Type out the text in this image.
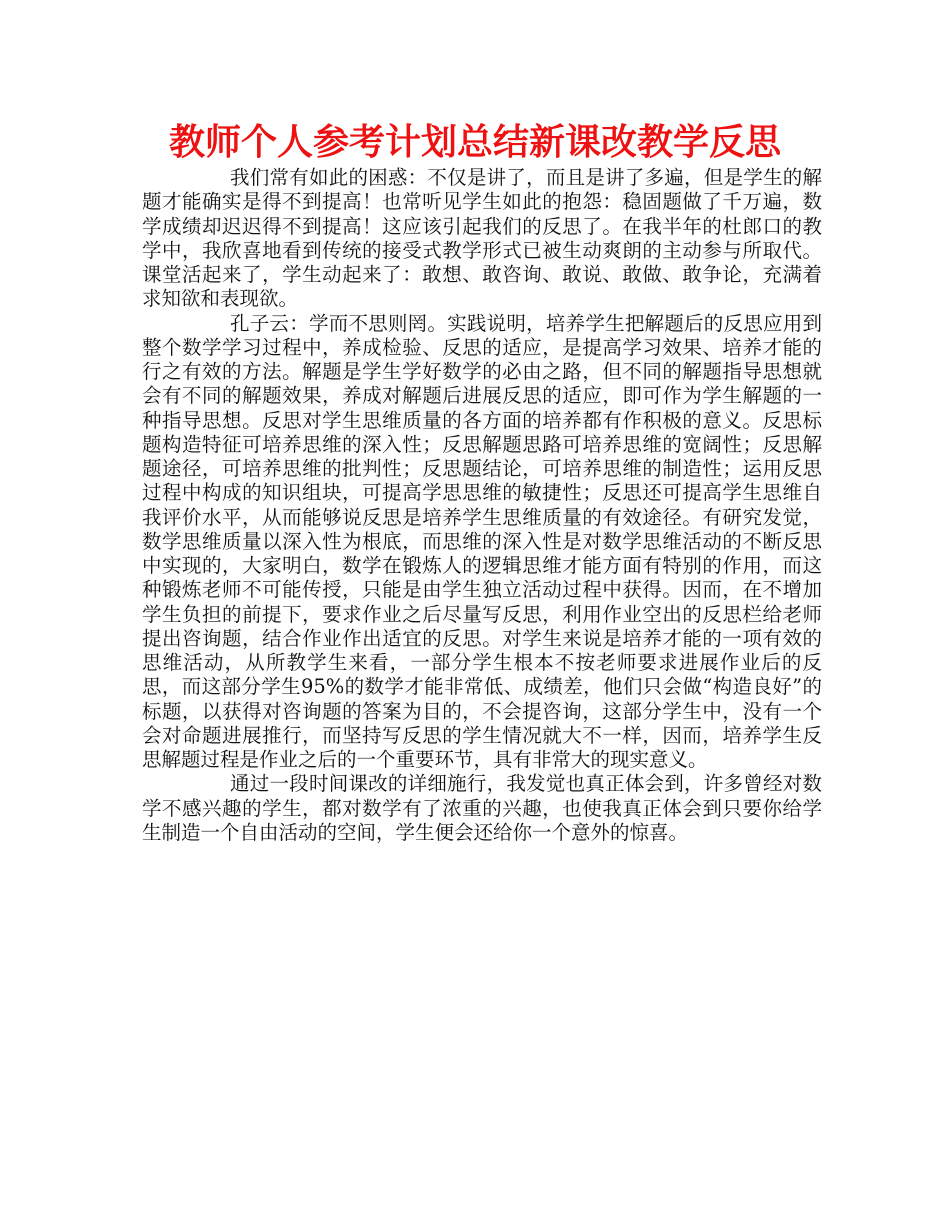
教师个人参考计划总结新课改教学反思

我们常有如此的困惑：不仅是讲了，而且是讲了多遍，但是学生的解题才能确实是得不到提高！也常听见学生如此的抱怨：稳固题做了千万遍，数学成绩却迟迟得不到提高！这应该引起我们的反思了。在我半年的杜郎口的教学中，我欣喜地看到传统的接受式教学形式已被生动爽朗的主动参与所取代。课堂活起来了，学生动起来了：敢想、敢咨询、敢说、敢做、敢争论，充满着求知欲和表现欲。

孔子云：学而不思则罔。实践说明，培养学生把解题后的反思应用到整个数学学习过程中，养成检验、反思的适应，是提高学习效果、培养才能的行之有效的方法。解题是学生学好数学的必由之路，但不同的解题指导思想就会有不同的解题效果，养成对解题后进展反思的适应，即可作为学生解题的一种指导思想。反思对学生思维质量的各方面的培养都有作积极的意义。反思标题构造特征可培养思维的深入性；反思解题思路可培养思维的宽阔性；反思解题途径，可培养思维的批判性；反思题结论，可培养思维的制造性；运用反思过程中构成的知识组块，可提高学思思维的敏捷性；反思还可提高学生思维自我评价水平，从而能够说反思是培养学生思维质量的有效途径。有研究发觉，数学思维质量以深入性为根底，而思维的深入性是对数学思维活动的不断反思中实现的，大家明白，数学在锻炼人的逻辑思维才能方面有特别的作用，而这种锻炼老师不可能传授，只能是由学生独立活动过程中获得。因而，在不增加学生负担的前提下，要求作业之后尽量写反思，利用作业空出的反思栏给老师提出咨询题，结合作业作出适宜的反思。对学生来说是培养才能的一项有效的思维活动，从所教学生来看，一部分学生根本不按老师要求进展作业后的反思，而这部分学生95%的数学才能非常低、成绩差，他们只会做“构造良好”的标题，以获得对咨询题的答案为目的，不会提咨询，这部分学生中，没有一个会对命题进展推行，而坚持写反思的学生情况就大不一样，因而，培养学生反思解题过程是作业之后的一个重要环节，具有非常大的现实意义。

通过一段时间课改的详细施行，我发觉也真正体会到，许多曾经对数学不感兴趣的学生，都对数学有了浓重的兴趣，也使我真正体会到只要你给学生制造一个自由活动的空间，学生便会还给你一个意外的惊喜。
